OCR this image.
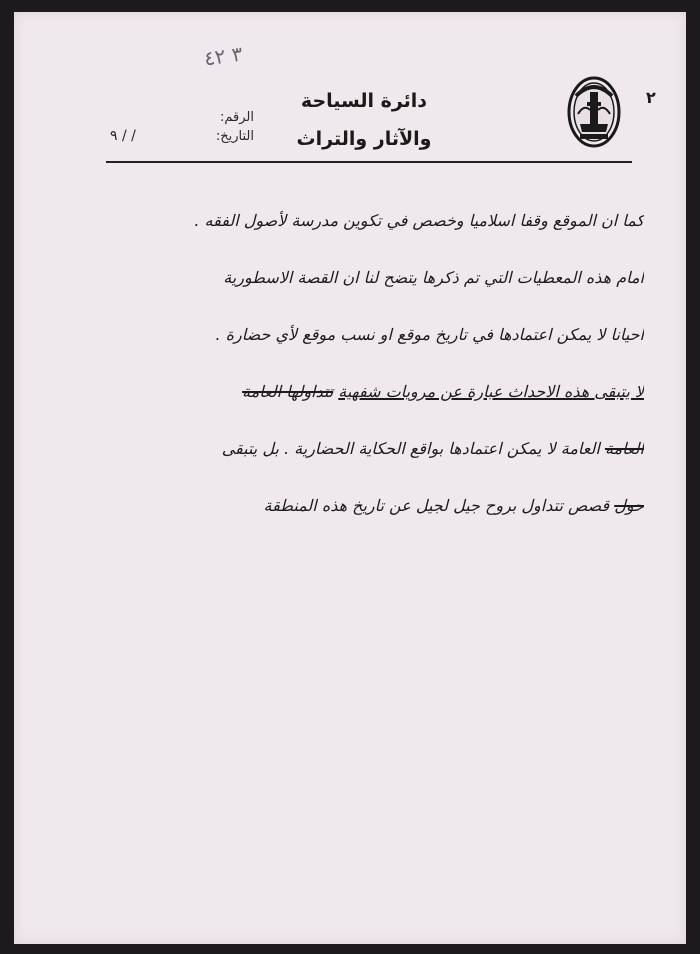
٢
٣ ٤٢
دائرة السياحة
والآثار والتراث
الرقم:
التاريخ:
/ / ٩
كما ان الموقع وقفا اسلاميا وخصص في تكوين مدرسة لأصول الفقه .
امام هذه المعطيات التي تم ذكرها يتضح لنا ان القصة الاسطورية
احيانا لا يمكن اعتمادها في تاريخ موقع او نسب موقع لأي حضارة .
لا يتبقى هذه الاحداث عبارة عن مرويات شفهية تتداولها العامة
العامة العامة لا يمكن اعتمادها بواقع الحكاية الحضارية . بل يتبقى
حول قصص تتداول بروح جيل لجيل عن تاريخ هذه المنطقة
